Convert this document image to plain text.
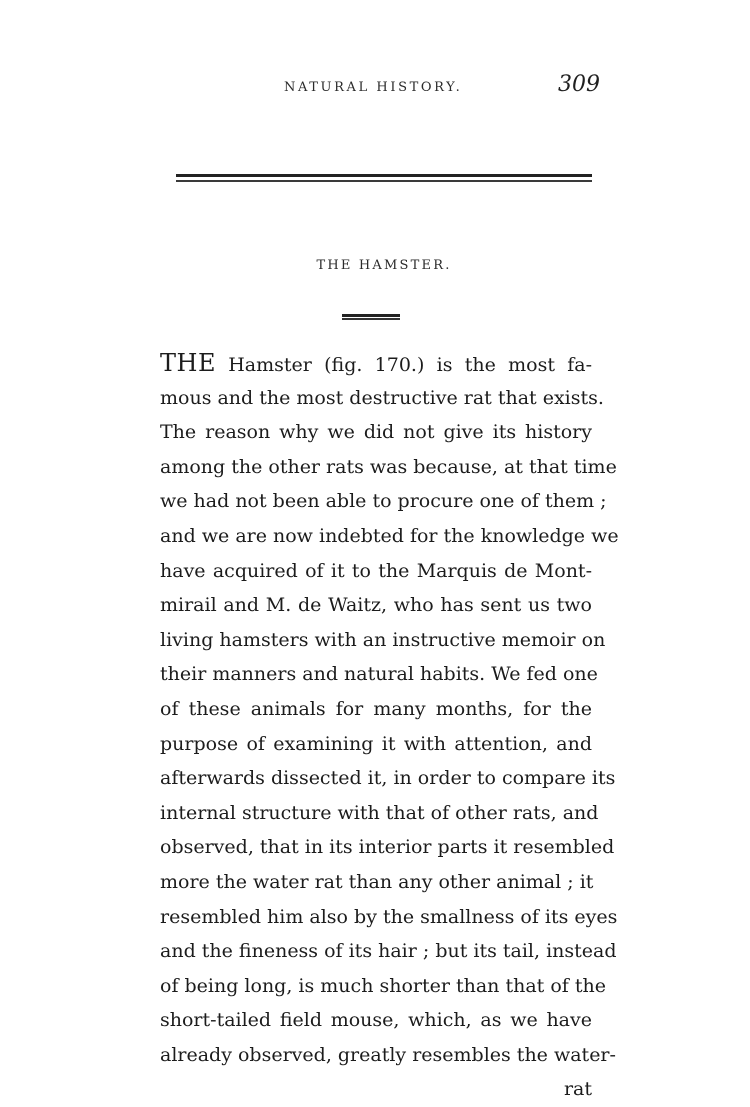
NATURAL HISTORY.	309
THE HAMSTER.
THE Hamster (fig. 170.) is the most fa-
mous and the most destructive rat that exists.
The reason why we did not give its history
among the other rats was because, at that time
we had not been able to procure one of them ;
and we are now indebted for the knowledge we
have acquired of it to the Marquis de Mont-
mirail and M. de Waitz, who has sent us two
living hamsters with an instructive memoir on
their manners and natural habits. We fed one
of these animals for many months, for the
purpose of examining it with attention, and
afterwards dissected it, in order to compare its
internal structure with that of other rats, and
observed, that in its interior parts it resembled
more the water rat than any other animal ; it
resembled him also by the smallness of its eyes
and the fineness of its hair ; but its tail, instead
of being long, is much shorter than that of the
short-tailed field mouse, which, as we have
already observed, greatly resembles the water-
rat
